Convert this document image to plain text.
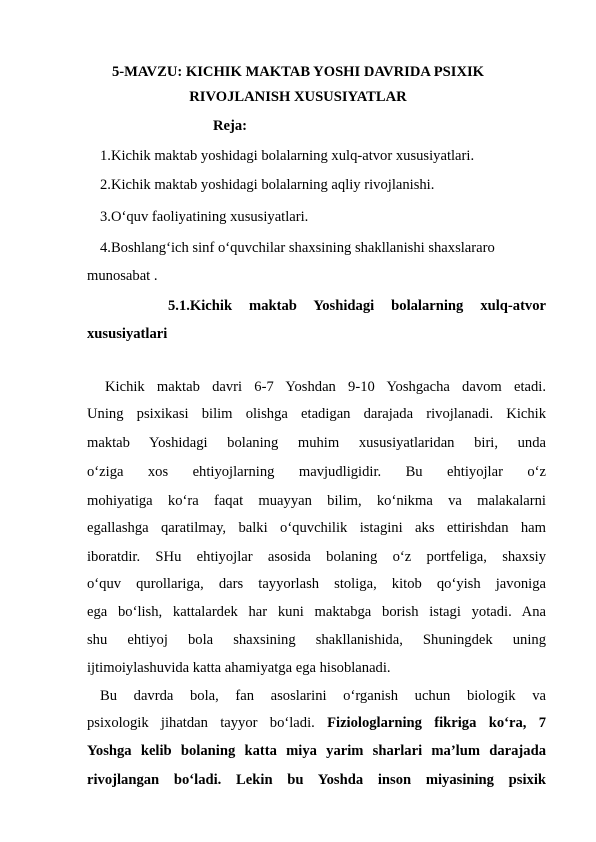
5-MAVZU: KICHIK MAKTAB YOSHI DAVRIDA PSIXIK
RIVOJLANISH XUSUSIYATLAR
Reja:
1.Kichik maktab yoshidagi bolalarning xulq-atvor xususiyatlari.
2.Kichik maktab yoshidagi bolalarning aqliy rivojlanishi.
3.O‘quv faoliyatining xususiyatlari.
4.Boshlang‘ich sinf o‘quvchilar shaxsining shakllanishi shaxslararo
munosabat .
5.1.Kichik maktab Yoshidagi bolalarning xulq-atvor
xususiyatlari
Kichik maktab davri 6-7 Yoshdan 9-10 Yoshgacha davom etadi.
Uning psixikasi bilim olishga etadigan darajada rivojlanadi. Kichik
maktab Yoshidagi bolaning muhim xususiyatlaridan biri, unda
o‘ziga xos ehtiyojlarning mavjudligidir. Bu ehtiyojlar o‘z
mohiyatiga ko‘ra faqat muayyan bilim, ko‘nikma va malakalarni
egallashga qaratilmay, balki o‘quvchilik istagini aks ettirishdan ham
iboratdir. SHu ehtiyojlar asosida bolaning o‘z portfeliga, shaxsiy
o‘quv qurollariga, dars tayyorlash stoliga, kitob qo‘yish javoniga
ega bo‘lish, kattalardek har kuni maktabga borish istagi yotadi. Ana
shu ehtiyoj bola shaxsining shakllanishida, Shuningdek uning
ijtimoiylashuvida katta ahamiyatga ega hisoblanadi.
Bu davrda bola, fan asoslarini o‘rganish uchun biologik va
psixologik jihatdan tayyor bo‘ladi. Fiziologlarning fikriga ko‘ra, 7
Yoshga kelib bolaning katta miya yarim sharlari ma’lum darajada
rivojlangan bo‘ladi. Lekin bu Yoshda inson miyasining psixik
